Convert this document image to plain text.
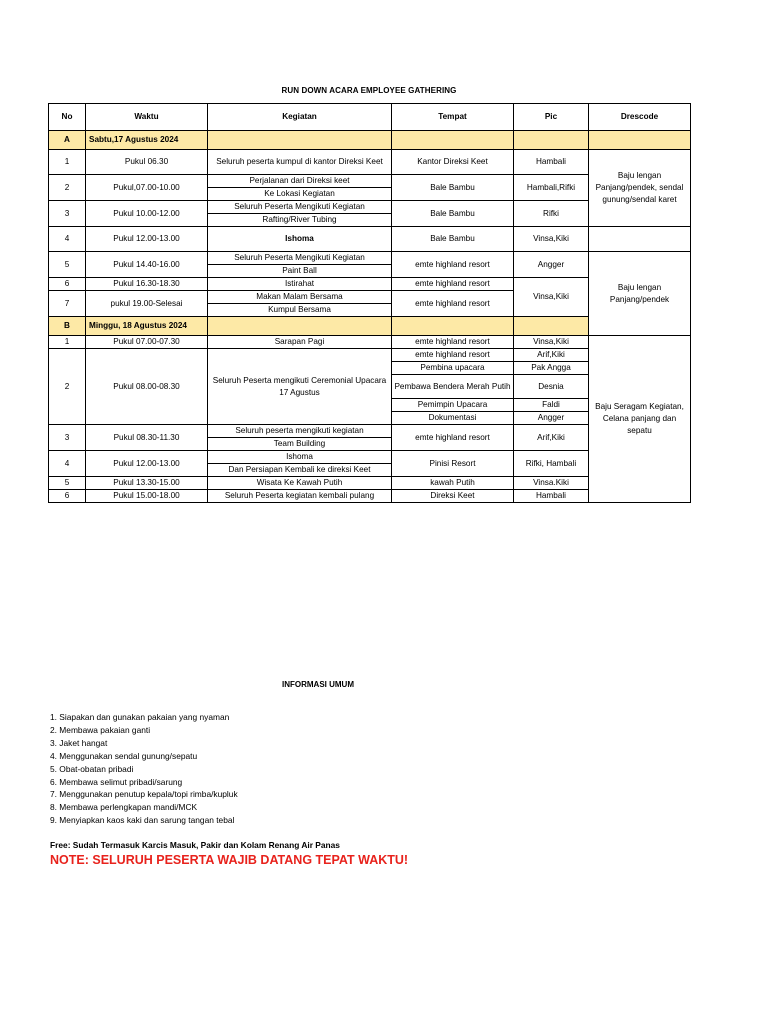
RUN DOWN ACARA EMPLOYEE GATHERING
No	Waktu	Kegiatan	Tempat	Pic	Drescode	
A	Sabtu,17 Agustus 2024					
1	Pukul 06.30	Seluruh peserta kumpul di kantor Direksi Keet	Kantor Direksi Keet	Hambali	Baju lengan Panjang/pendek, sendal gunung/sendal karet	
2	Pukul,07.00-10.00	Perjalanan dari Direksi keet	Bale Bambu	Hambali,Rifki		
		Ke Lokasi Kegiatan				
3	Pukul 10.00-12.00	Seluruh Peserta Mengikuti Kegiatan	Bale Bambu	Rifki		
		Rafting/River Tubing				
4	Pukul 12.00-13.00	Ishoma	Bale Bambu	Vinsa,Kiki		
5	Pukul 14.40-16.00	Seluruh Peserta Mengikuti Kegiatan	emte highland resort	Angger	Baju lengan Panjang/pendek	
		Paint Ball				
6	Pukul 16.30-18.30	Istirahat	emte highland resort	Vinsa,Kiki		
7	pukul 19.00-Selesai	Makan Malam Bersama	emte highland resort			
		Kumpul Bersama				
B	Minggu, 18 Agustus 2024					
1	Pukul 07.00-07.30	Sarapan Pagi	emte highland resort	Vinsa,Kiki	Baju Seragam Kegiatan, Celana panjang dan sepatu	
2	Pukul 08.00-08.30	Seluruh Peserta mengikuti Ceremonial Upacara 17 Agustus	emte highland resort	Arif,Kiki		
			Pembina upacara	Pak Angga		
			Pembawa Bendera Merah Putih	Desnia		

			Pemimpin Upacara	Faldi		
			Dokumentasi	Angger		
3	Pukul 08.30-11.30	Seluruh peserta mengikuti kegiatan	emte highland resort	Arif,Kiki		
		Team Building				
4	Pukul 12.00-13.00	Ishoma	Pinisi Resort	Rifki, Hambali		
		Dan Persiapan Kembali ke direksi Keet				
5	Pukul 13.30-15.00	Wisata Ke Kawah Putih	kawah Putih	Vinsa.Kiki		
6	Pukul 15.00-18.00	Seluruh Peserta kegiatan kembali pulang	Direksi Keet	Hambali		
INFORMASI UMUM
1. Siapakan dan gunakan pakaian yang nyaman
2. Membawa pakaian ganti
3. Jaket hangat
4. Menggunakan sendal gunung/sepatu
5. Obat-obatan pribadi
6. Membawa selimut pribadi/sarung
7. Menggunakan penutup kepala/topi rimba/kupluk
8. Membawa perlengkapan mandi/MCK
9. Menyiapkan kaos kaki dan sarung tangan tebal
Free: Sudah Termasuk Karcis Masuk, Pakir dan Kolam Renang Air Panas
NOTE: SELURUH PESERTA WAJIB DATANG TEPAT WAKTU!
